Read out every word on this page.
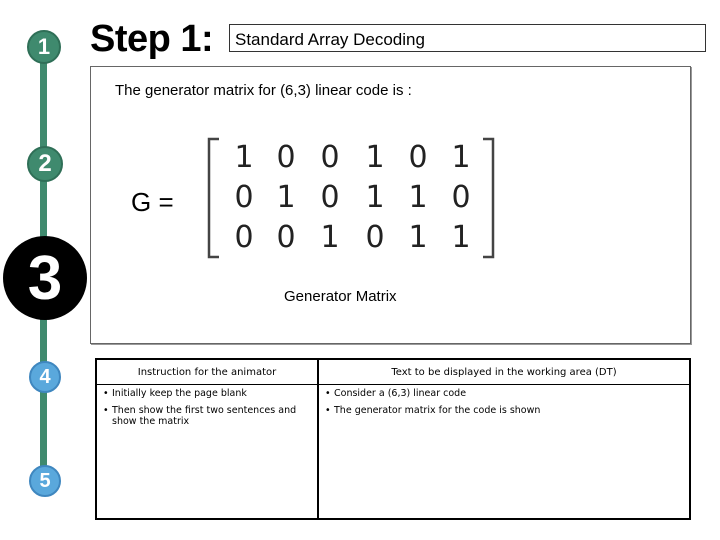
1
2
3
4
5
Step 1:	Standard Array Decoding
The generator matrix for (6,3) linear code is :
G =
1 0 0 1 0 1
0 1 0 1 1 0
0 0 1 0 1 1
Generator Matrix
Instruction for the animator	Text to be displayed in the working area (DT)

• Initially keep the page blank

• Then show the first two sentences and show the matrix

• Consider a (6,3) linear code

• The generator matrix for the code is shown
